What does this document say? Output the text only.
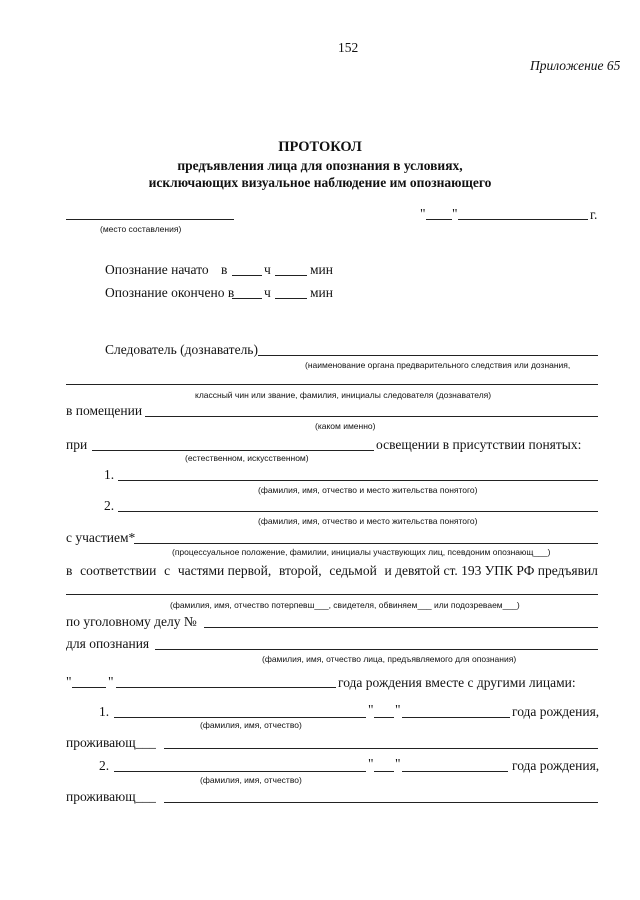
152
Приложение 65
ПРОТОКОЛ
предъявления лица для опознания в условиях,
исключающих визуальное наблюдение им опознающего
(место составления)
" "	г.
Опознание начато в	ч	мин
Опознание окончено в ч	мин
Следователь (дознаватель)
(наименование органа предварительного следствия или дознания,
классный чин или звание, фамилия, инициалы следователя (дознавателя)
в помещении
(каком именно)
при	освещении в присутствии понятых:
(естественном, искусственном)
1.
(фамилия, имя, отчество и место жительства понятого)
2.
(фамилия, имя, отчество и место жительства понятого)
с участием*
(процессуальное положение, фамилии, инициалы участвующих лиц, псевдоним опознающ___)
в соответствии с частями первой, второй, седьмой и девятой ст. 193 УПК РФ предъявил
(фамилия, имя, отчество потерпевш___, свидетеля, обвиняем___ или подозреваем___)
по уголовному делу №
для опознания
(фамилия, имя, отчество лица, предъявляемого для опознания)
"	"	года рождения вместе с другими лицами:
1.	" "	года рождения,
(фамилия, имя, отчество)
проживающ___
2.	" "	года рождения,
(фамилия, имя, отчество)
проживающ___
